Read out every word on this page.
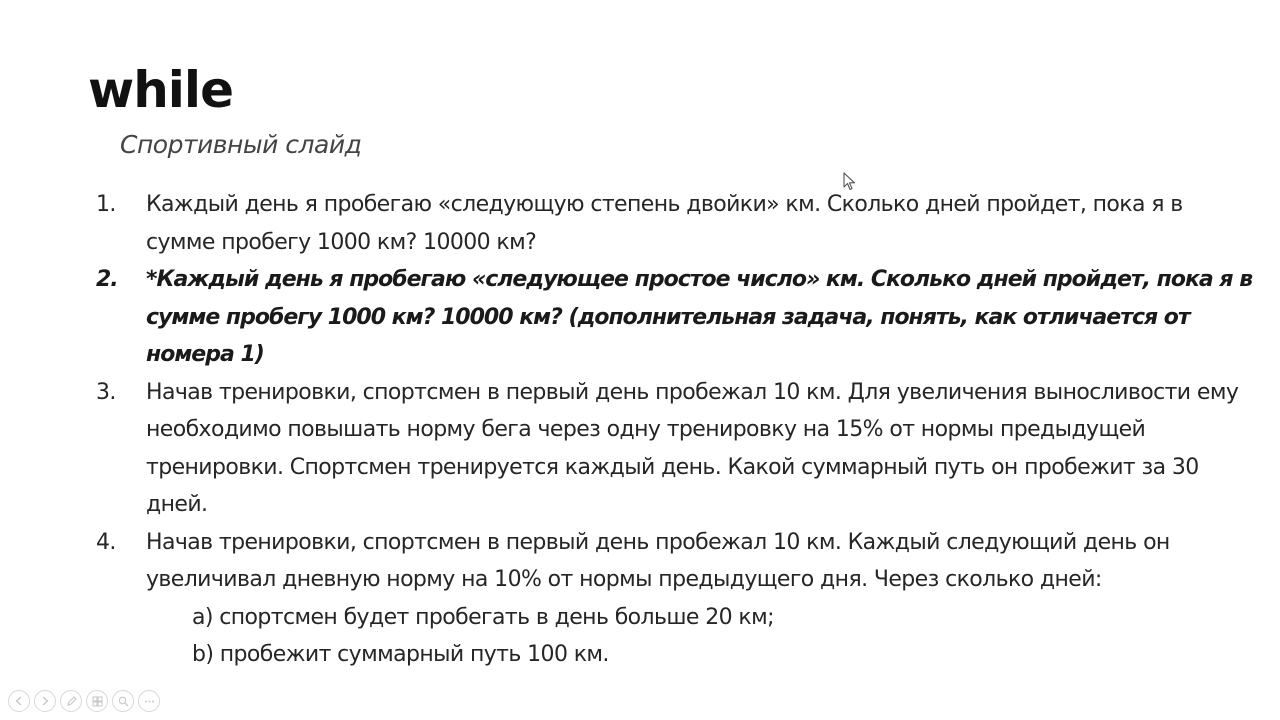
while
Спортивный слайд
1. Каждый день я пробегаю «следующую степень двойки» км. Сколько дней пройдет, пока я в сумме пробегу 1000 км? 10000 км?
2. *Каждый день я пробегаю «следующее простое число» км. Сколько дней пройдет, пока я в сумме пробегу 1000 км? 10000 км? (дополнительная задача, понять, как отличается от номера 1)
3. Начав тренировки, спортсмен в первый день пробежал 10 км. Для увеличения выносливости ему необходимо повышать норму бега через одну тренировку на 15% от нормы предыдущей тренировки. Спортсмен тренируется каждый день. Какой суммарный путь он пробежит за 30 дней.
4. Начав тренировки, спортсмен в первый день пробежал 10 км. Каждый следующий день он увеличивал дневную норму на 10% от нормы предыдущего дня. Через сколько дней:
a) спортсмен будет пробегать в день больше 20 км;
b) пробежит суммарный путь 100 км.
